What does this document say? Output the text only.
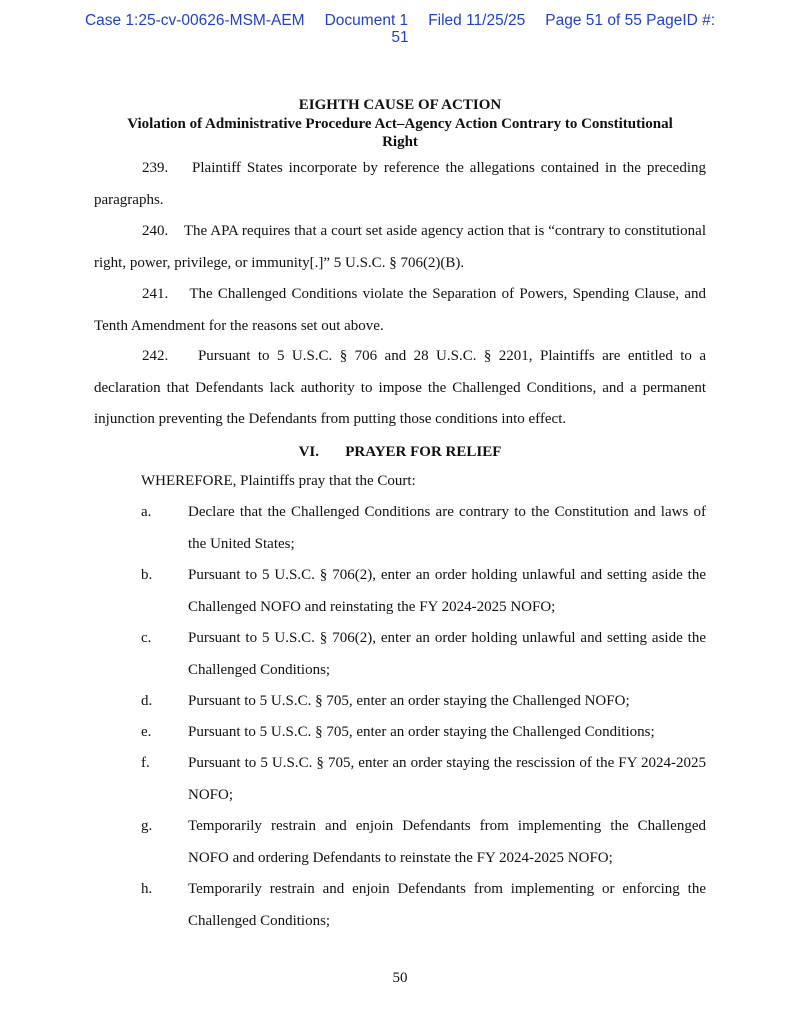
Case 1:25-cv-00626-MSM-AEM Document 1 Filed 11/25/25 Page 51 of 55 PageID #:
51
EIGHTH CAUSE OF ACTION
Violation of Administrative Procedure Act–Agency Action Contrary to Constitutional
Right
239. Plaintiff States incorporate by reference the allegations contained in the preceding paragraphs.
240. The APA requires that a court set aside agency action that is “contrary to constitutional right, power, privilege, or immunity[.]” 5 U.S.C. § 706(2)(B).
241. The Challenged Conditions violate the Separation of Powers, Spending Clause, and Tenth Amendment for the reasons set out above.
242. Pursuant to 5 U.S.C. § 706 and 28 U.S.C. § 2201, Plaintiffs are entitled to a declaration that Defendants lack authority to impose the Challenged Conditions, and a permanent injunction preventing the Defendants from putting those conditions into effect.
VI. PRAYER FOR RELIEF
WHEREFORE, Plaintiffs pray that the Court:
a.	Declare that the Challenged Conditions are contrary to the Constitution and laws of the United States;
b.	Pursuant to 5 U.S.C. § 706(2), enter an order holding unlawful and setting aside the Challenged NOFO and reinstating the FY 2024-2025 NOFO;
c.	Pursuant to 5 U.S.C. § 706(2), enter an order holding unlawful and setting aside the Challenged Conditions;
d.	Pursuant to 5 U.S.C. § 705, enter an order staying the Challenged NOFO;
e.	Pursuant to 5 U.S.C. § 705, enter an order staying the Challenged Conditions;
f.	Pursuant to 5 U.S.C. § 705, enter an order staying the rescission of the FY 2024-2025 NOFO;
g.	Temporarily restrain and enjoin Defendants from implementing the Challenged NOFO and ordering Defendants to reinstate the FY 2024-2025 NOFO;
h.	Temporarily restrain and enjoin Defendants from implementing or enforcing the Challenged Conditions;
50
